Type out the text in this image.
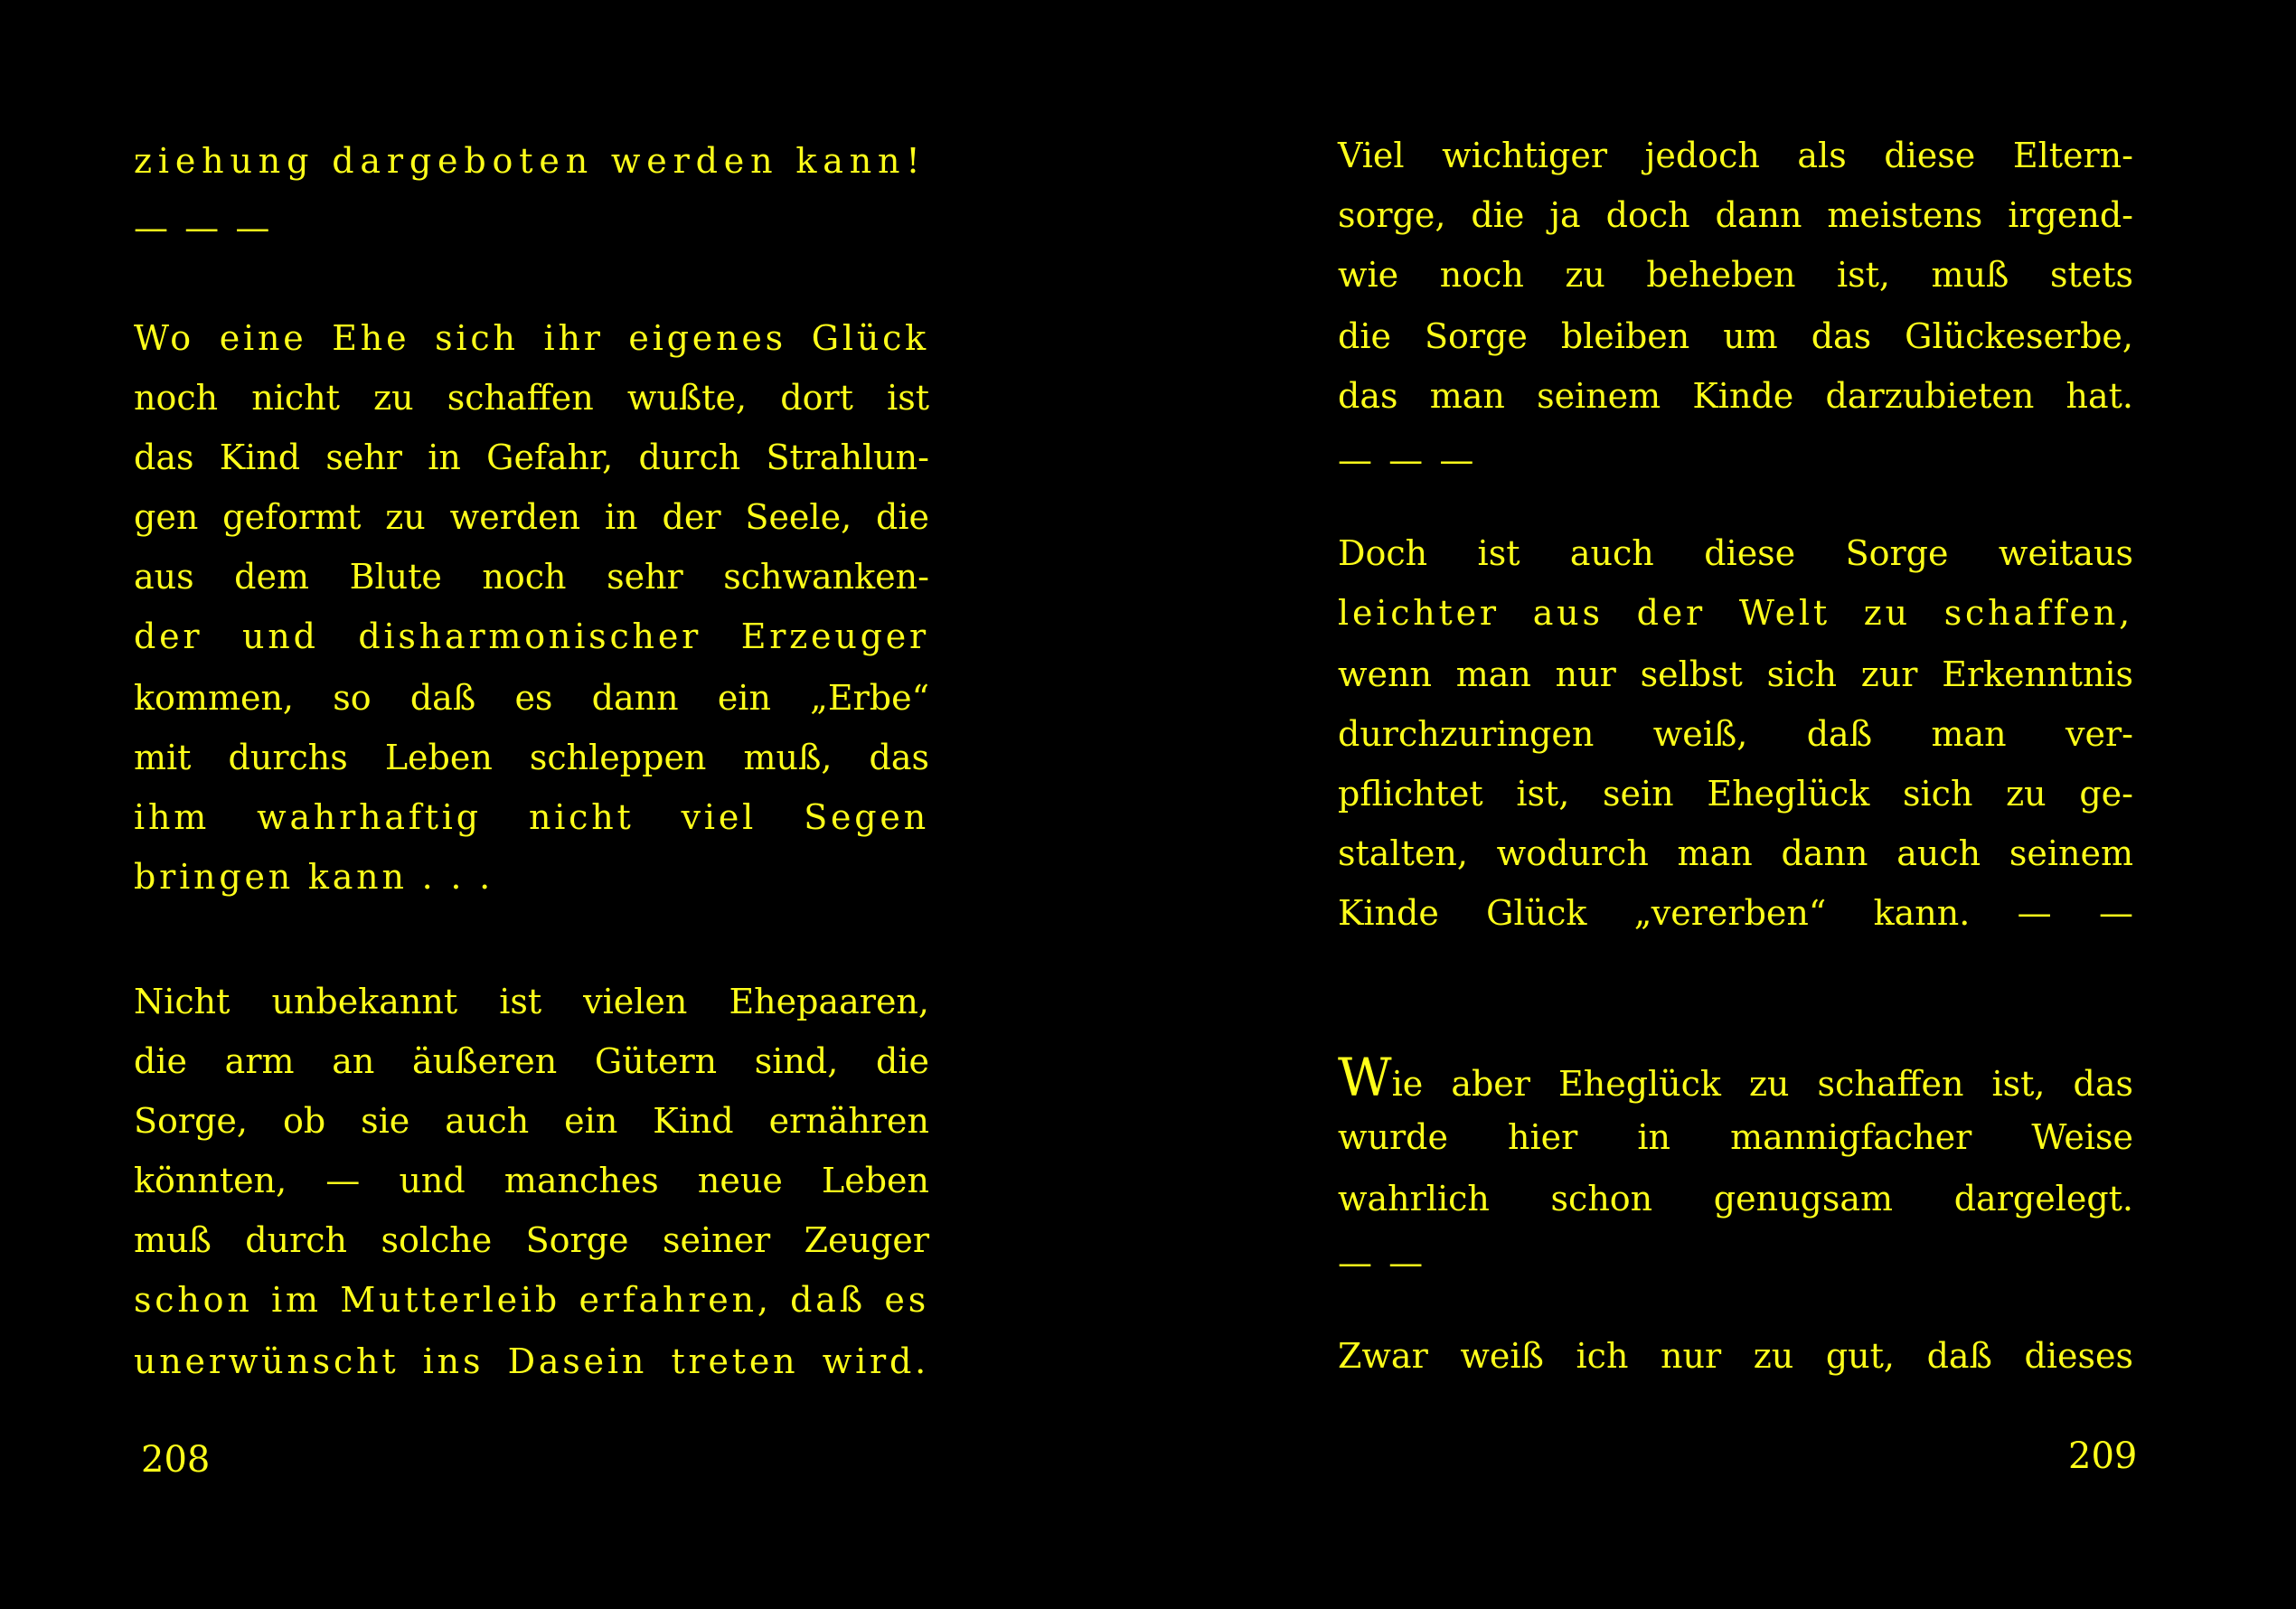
ziehung dargeboten werden kann!
— — —
Wo eine Ehe sich ihr eigenes Glück
noch nicht zu schaffen wußte, dort ist
das Kind sehr in Gefahr, durch Strahlun-
gen geformt zu werden in der Seele, die
aus dem Blute noch sehr schwanken-
der und disharmonischer Erzeuger
kommen, so daß es dann ein „Erbe“
mit durchs Leben schleppen muß, das
ihm wahrhaftig nicht viel Segen
bringen kann . . .
Nicht unbekannt ist vielen Ehepaaren,
die arm an äußeren Gütern sind, die
Sorge, ob sie auch ein Kind ernähren
könnten, — und manches neue Leben
muß durch solche Sorge seiner Zeuger
schon im Mutterleib erfahren, daß es
unerwünscht ins Dasein treten wird.
208
Viel wichtiger jedoch als diese Eltern-
sorge, die ja doch dann meistens irgend-
wie noch zu beheben ist, muß stets
die Sorge bleiben um das Glückeserbe,
das man seinem Kinde darzubieten hat.
— — —
Doch ist auch diese Sorge weitaus
leichter aus der Welt zu schaffen,
wenn man nur selbst sich zur Erkenntnis
durchzuringen weiß, daß man ver-
pflichtet ist, sein Eheglück sich zu ge-
stalten, wodurch man dann auch seinem
Kinde Glück „vererben“ kann. — —
Wie aber Eheglück zu schaffen ist, das
wurde hier in mannigfacher Weise
wahrlich schon genugsam dargelegt.
— —
Zwar weiß ich nur zu gut, daß dieses
209
